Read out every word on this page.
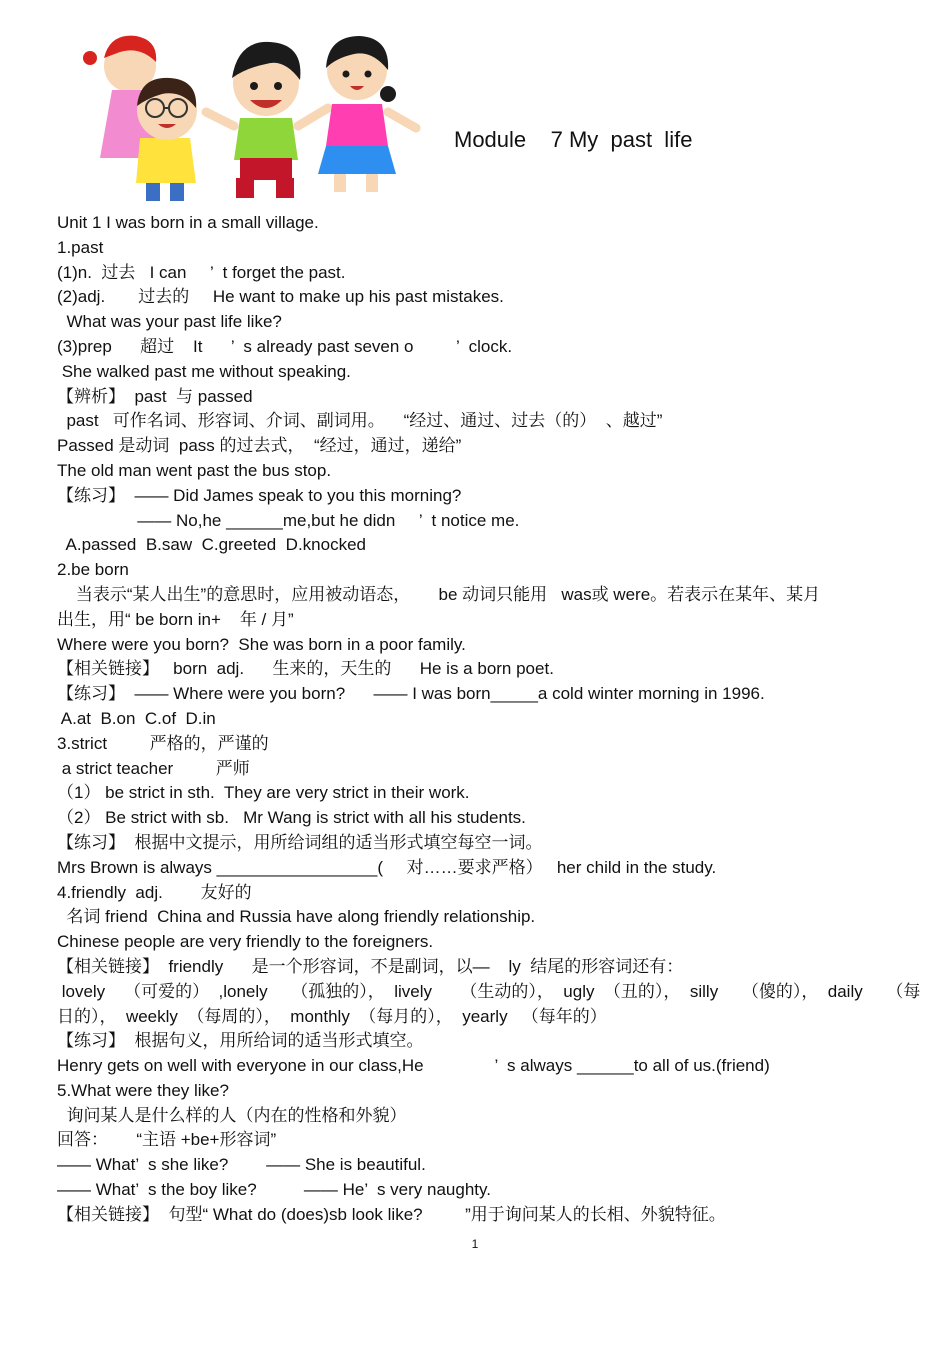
Module    7 My  past  life
Unit 1 I was born in a small village.
1.past
(1)n.  过去   I can     ’  t forget the past.
(2)adj.       过去的     He want to make up his past mistakes.
What was your past life like?
(3)prep      超过    It      ’  s already past seven o         ’  clock.
She walked past me without speaking.
【辨析】  past  与 passed
past   可作名词、形容词、介词、副词用。    “经过、通过、过去（的）  、越过”
Passed 是动词  pass 的过去式，  “经过，通过，递给”
The old man went past the bus stop.
【练习】  —— Did James speak to you this morning?
—— No,he ______me,but he didn     ’  t notice me.
A.passed  B.saw  C.greeted  D.knocked
2.be born
当表示“某人出生”的意思时，应用被动语态，      be 动词只能用   was或 were。若表示在某年、某月
出生，用“ be born in+    年 / 月”
Where were you born?  She was born in a poor family.
【相关链接】   born  adj.      生来的，天生的      He is a born poet.
【练习】  —— Where were you born?      —— I was born_____a cold winter morning in 1996.
A.at  B.on  C.of  D.in
3.strict         严格的，严谨的
a strict teacher         严师
（1） be strict in sth.  They are very strict in their work.
（2） Be strict with sb.   Mr Wang is strict with all his students.
【练习】  根据中文提示，用所给词组的适当形式填空每空一词。
Mrs Brown is always _________________(     对……要求严格）   her child in the study.
4.friendly  adj.        友好的
名词 friend  China and Russia have along friendly relationship.
Chinese people are very friendly to the foreigners.
【相关链接】  friendly      是一个形容词，不是副词，以—    ly  结尾的形容词还有：
lovely    （可爱的）  ,lonely     （孤独的），  lively      （生动的），  ugly  （丑的），  silly     （傻的），  daily     （每
日的），  weekly  （每周的），  monthly  （每月的），  yearly   （每年的）
【练习】  根据句义，用所给词的适当形式填空。
Henry gets on well with everyone in our class,He               ’  s always ______to all of us.(friend)
5.What were they like?
询问某人是什么样的人（内在的性格和外貌）
回答：      “主语 +be+形容词”
—— What’  s she like?        —— She is beautiful.
—— What’  s the boy like?          —— He’  s very naughty.
【相关链接】  句型“ What do (does)sb look like?         ”用于询问某人的长相、外貌特征。
1
